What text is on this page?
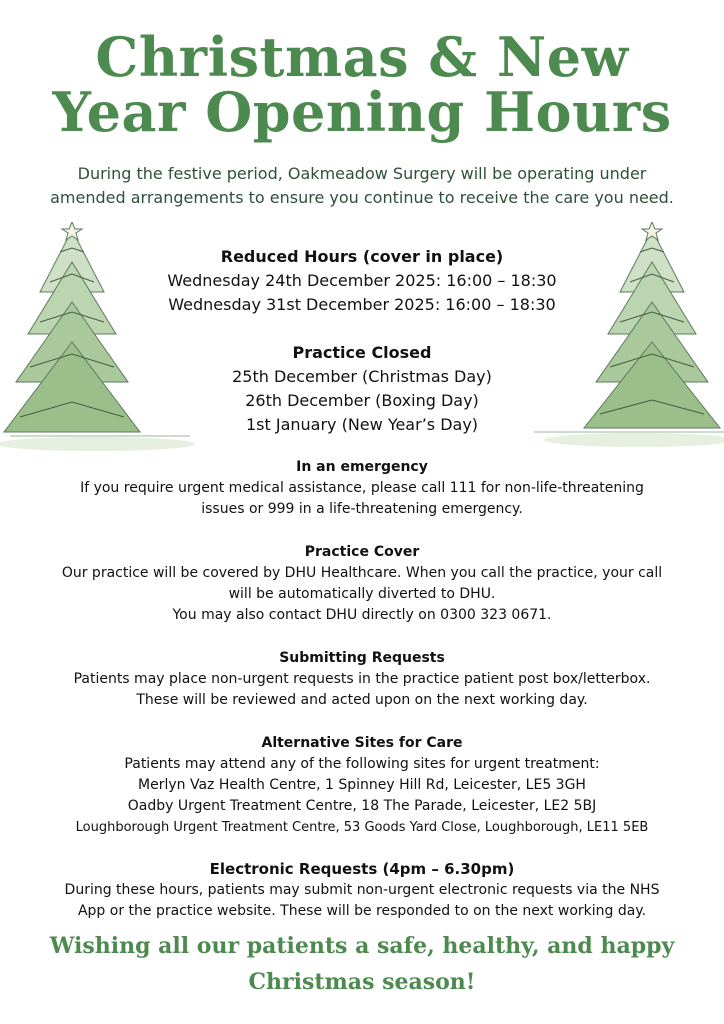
Christmas & New
Year Opening Hours
During the festive period, Oakmeadow Surgery will be operating under amended arrangements to ensure you continue to receive the care you need.
Reduced Hours (cover in place)
Wednesday 24th December 2025: 16:00 – 18:30
Wednesday 31st December 2025: 16:00 – 18:30
Practice Closed
25th December (Christmas Day)
26th December (Boxing Day)
1st January (New Year’s Day)
In an emergency
If you require urgent medical assistance, please call 111 for non-life-threatening
issues or 999 in a life-threatening emergency.
Practice Cover
Our practice will be covered by DHU Healthcare. When you call the practice, your call
will be automatically diverted to DHU.
You may also contact DHU directly on 0300 323 0671.
Submitting Requests
Patients may place non-urgent requests in the practice patient post box/letterbox.
These will be reviewed and acted upon on the next working day.
Alternative Sites for Care
Patients may attend any of the following sites for urgent treatment:
Merlyn Vaz Health Centre, 1 Spinney Hill Rd, Leicester, LE5 3GH
Oadby Urgent Treatment Centre, 18 The Parade, Leicester, LE2 5BJ
Loughborough Urgent Treatment Centre, 53 Goods Yard Close, Loughborough, LE11 5EB
Electronic Requests (4pm – 6.30pm)
During these hours, patients may submit non-urgent electronic requests via the NHS
App or the practice website. These will be responded to on the next working day.
Wishing all our patients a safe, healthy, and happy
Christmas season!
